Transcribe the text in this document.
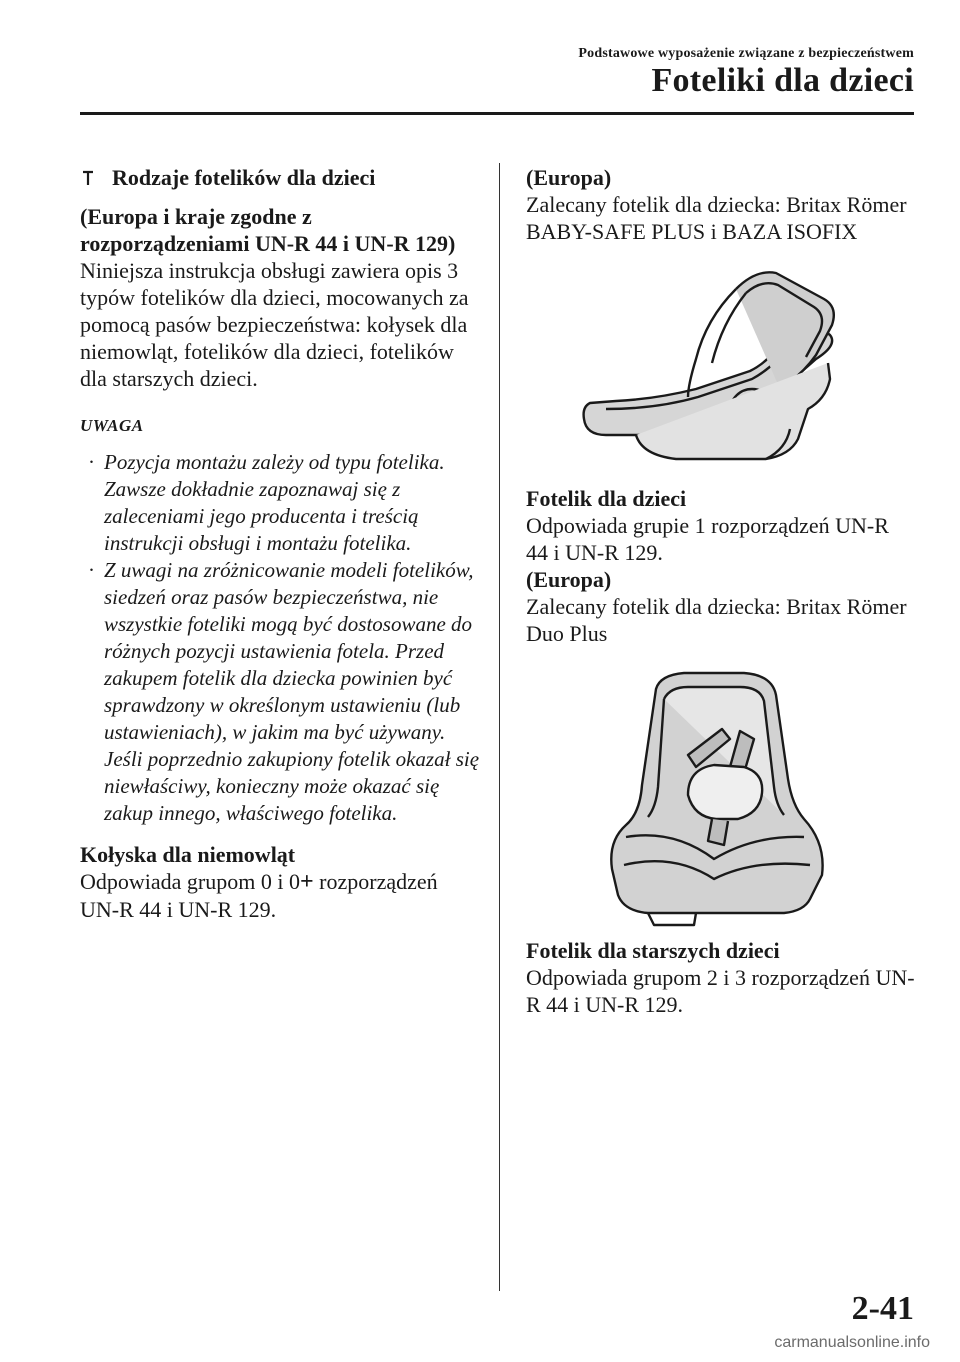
Podstawowe wyposażenie związane z bezpieczeństwem
Foteliki dla dzieci
Rodzaje fotelików dla dzieci

(Europa i kraje zgodne z rozporządzeniami UN-R 44 i UN-R 129)

Niniejsza instrukcja obsługi zawiera opis 3 typów fotelików dla dzieci, mocowanych za pomocą pasów bezpieczeństwa: kołysek dla niemowląt, fotelików dla dzieci, fotelików dla starszych dzieci.

UWAGA
· Pozycja montażu zależy od typu fotelika. Zawsze dokładnie zapoznawaj się z zaleceniami jego producenta i treścią instrukcji obsługi i montażu fotelika.
· Z uwagi na zróżnicowanie modeli fotelików, siedzeń oraz pasów bezpieczeństwa, nie wszystkie foteliki mogą być dostosowane do różnych pozycji ustawienia fotela. Przed zakupem fotelik dla dziecka powinien być sprawdzony w określonym ustawieniu (lub ustawieniach), w jakim ma być używany. Jeśli poprzednio zakupiony fotelik okazał się niewłaściwy, konieczny może okazać się zakup innego, właściwego fotelika.

Kołyska dla niemowląt

Odpowiada grupom 0 i 0+ rozporządzeń UN-R 44 i UN-R 129.

(Europa)

Zalecany fotelik dla dziecka: Britax Römer BABY-SAFE PLUS i BAZA ISOFIX

Fotelik dla dzieci

Odpowiada grupie 1 rozporządzeń UN-R 44 i UN-R 129.

(Europa)

Zalecany fotelik dla dziecka: Britax Römer Duo Plus

Fotelik dla starszych dzieci

Odpowiada grupom 2 i 3 rozporządzeń UN-R 44 i UN-R 129.

2-41
carmanualsonline.info
